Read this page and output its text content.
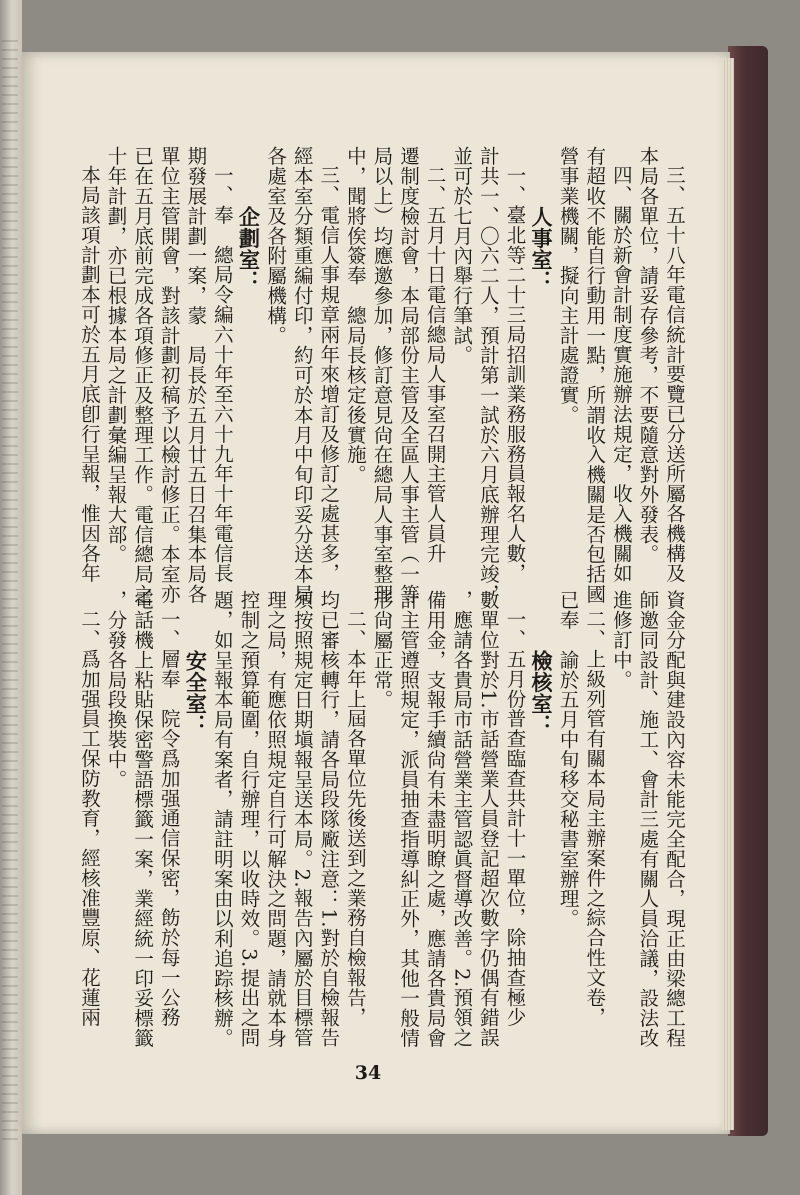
三、五十八年電信統計要覽已分送所屬各機構及

本局各單位，請妥存參考，不要隨意對外發表。

四、關於新會計制度實施辦法規定，收入機關如

有超收不能自行動用一點，所謂收入機關是否包括國

營事業機關，擬向主計處證實。

人事室：

一、臺北等二十三局招訓業務服務員報名人數，

計共一、〇六二人，預計第一試於六月底辦理完竣，

並可於七月內舉行筆試。

二、五月十日電信總局人事室召開主管人員升

遷制度檢討會，本局部份主管及全區人事主管（一等

局以上）均應邀參加，修訂意見尙在總局人事室整理

中，聞將俟簽奉　總局長核定後實施。

三、電信人事規章兩年來增訂及修訂之處甚多，

經本室分類重編付印，約可於本月中旬印妥分送本局

各處室及各附屬機構。

企劃室：

一、奉　總局令編六十年至六十九年十年電信長

期發展計劃一案，蒙　局長於五月廿五日召集本局各

單位主管開會，對該計劃初稿予以檢討修正。本室亦

已在五月底前完成各項修正及整理工作。電信總局之

十年計劃，亦已根據本局之計劃彙編呈報大部。

本局該項計劃本可於五月底卽行呈報，惟因各年

資金分配與建設內容未能完全配合，現正由梁總工程

師邀同設計、施工、會計三處有關人員洽議，設法改

進修訂中。

二、上級列管有關本局主辦案件之綜合性文卷，

已奉　諭於五月中旬移交秘書室辦理。

檢核室：

一、五月份普查臨查共計十一單位，除抽查極少

數單位對於1.市話營業人員登記超次數字仍偶有錯誤

，應請各貴局市話營業主管認眞督導改善。2.預領之

備用金，支報手續尙有未盡明瞭之處，應請各貴局會

計主管遵照規定，派員抽查指導糾正外，其他一般情

形尙屬正常。

二、本年上屆各單位先後送到之業務自檢報告，

均已審核轉行，請各局段隊廠注意：1.對於自檢報告

須按照規定日期塡報呈送本局。2.報告內屬於目標管

理之局，有應依照規定自行可解決之問題，請就本身

控制之預算範圍，自行辦理，以收時效。3.提出之問

題，如呈報本局有案者，請註明案由以利追踪核辦。

安全室：

一、層奉　院令爲加强通信保密，飭於每一公務

電話機上粘貼保密警語標籤一案，業經統一印妥標籤

，分發各局段換裝中。

二、爲加强員工保防教育，經核准豐原、花蓮兩

34
